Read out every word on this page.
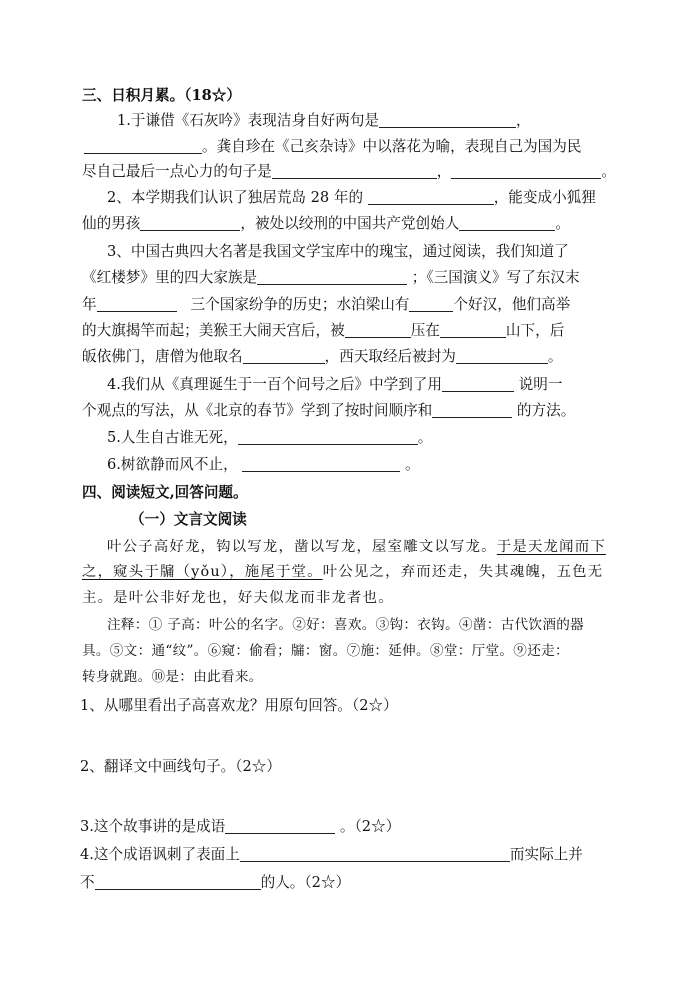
三、日积月累。（18☆）
1.于谦借《石灰吟》表现洁身自好两句是	，
。龚自珍在《己亥杂诗》中以落花为喻，表现自己为国为民
尽自己最后一点心力的句子是	，	。
2、本学期我们认识了独居荒岛 28 年的	，能变成小狐狸
仙的男孩	，被处以绞刑的中国共产党创始人	。
3、中国古典四大名著是我国文学宝库中的瑰宝，通过阅读，我们知道了
《红楼梦》里的四大家族是	；《三国演义》写了东汉末
年	三个国家纷争的历史；水泊梁山有	个好汉，他们高举
的大旗揭竿而起；美猴王大闹天宫后，被	压在	山下，后
皈依佛门，唐僧为他取名	，西天取经后被封为	。
4.我们从《真理诞生于一百个问号之后》中学到了用	说明一
个观点的写法，从《北京的春节》学到了按时间顺序和	的方法。
5.人生自古谁无死，	。
6.树欲静而风不止，	。
四、阅读短文,回答问题。
（一）文言文阅读
叶公子高好龙，钩以写龙，凿以写龙，屋室雕文以写龙。于是天龙闻而下
之，窥头于牖（yǒu），施尾于堂。叶公见之，弃而还走，失其魂魄，五色无
主。是叶公非好龙也，好夫似龙而非龙者也。
注释：① 子高：叶公的名字。②好：喜欢。③钩：衣钩。④凿：古代饮酒的器
具。⑤文：通“纹”。⑥窥：偷看；牖：窗。⑦施：延伸。⑧堂：厅堂。⑨还走：
转身就跑。⑩是：由此看来。
1、从哪里看出子高喜欢龙？用原句回答。（2☆）
2、翻译文中画线句子。（2☆）
3.这个故事讲的是成语	。（2☆）
4.这个成语讽刺了表面上	而实际上并
不	的人。（2☆）
